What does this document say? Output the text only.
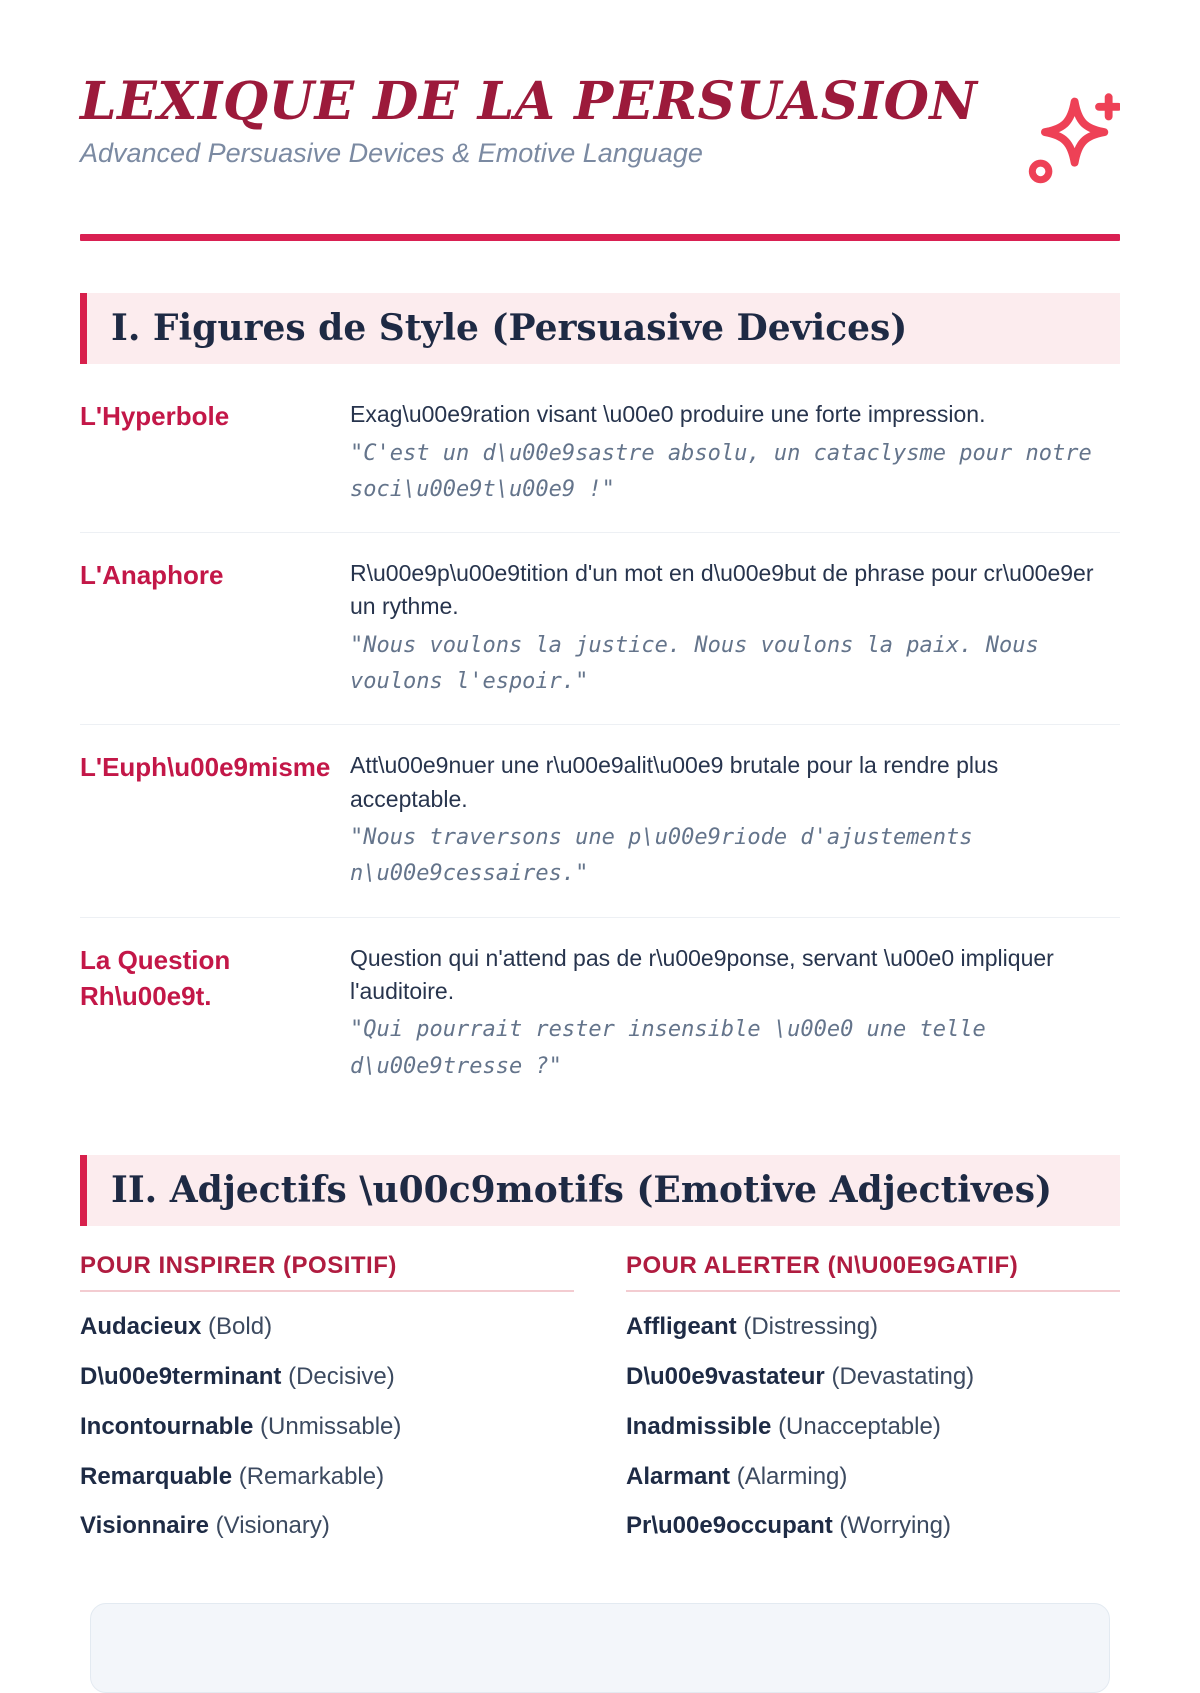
LEXIQUE DE LA PERSUASION

Advanced Persuasive Devices & Emotive Language

I. Figures de Style (Persuasive Devices)
L'Hyperbole	Exag\u00e9ration visant \u00e0 produire une forte impression.
"C'est un d\u00e9sastre absolu, un cataclysme pour notre soci\u00e9t\u00e9 !"
L'Anaphore	R\u00e9p\u00e9tition d'un mot en d\u00e9but de phrase pour cr\u00e9er un rythme.
"Nous voulons la justice. Nous voulons la paix. Nous voulons l'espoir."
L'Euph\u00e9misme Att\u00e9nuer une r\u00e9alit\u00e9 brutale pour la rendre plus acceptable.
"Nous traversons une p\u00e9riode d'ajustements n\u00e9cessaires."
La Question Rh\u00e9t.
Question qui n'attend pas de r\u00e9ponse, servant \u00e0 impliquer l'auditoire.
"Qui pourrait rester insensible \u00e0 une telle d\u00e9tresse ?"
II. Adjectifs \u00c9motifs (Emotive Adjectives)
POUR INSPIRER (POSITIF)
Audacieux (Bold)
D\u00e9terminant (Decisive)
Incontournable (Unmissable)
Remarquable (Remarkable)
Visionnaire (Visionary)
POUR ALERTER (N\U00E9GATIF)
Affligeant (Distressing)
D\u00e9vastateur (Devastating)
Inadmissible (Unacceptable)
Alarmant (Alarming)
Pr\u00e9occupant (Worrying)
